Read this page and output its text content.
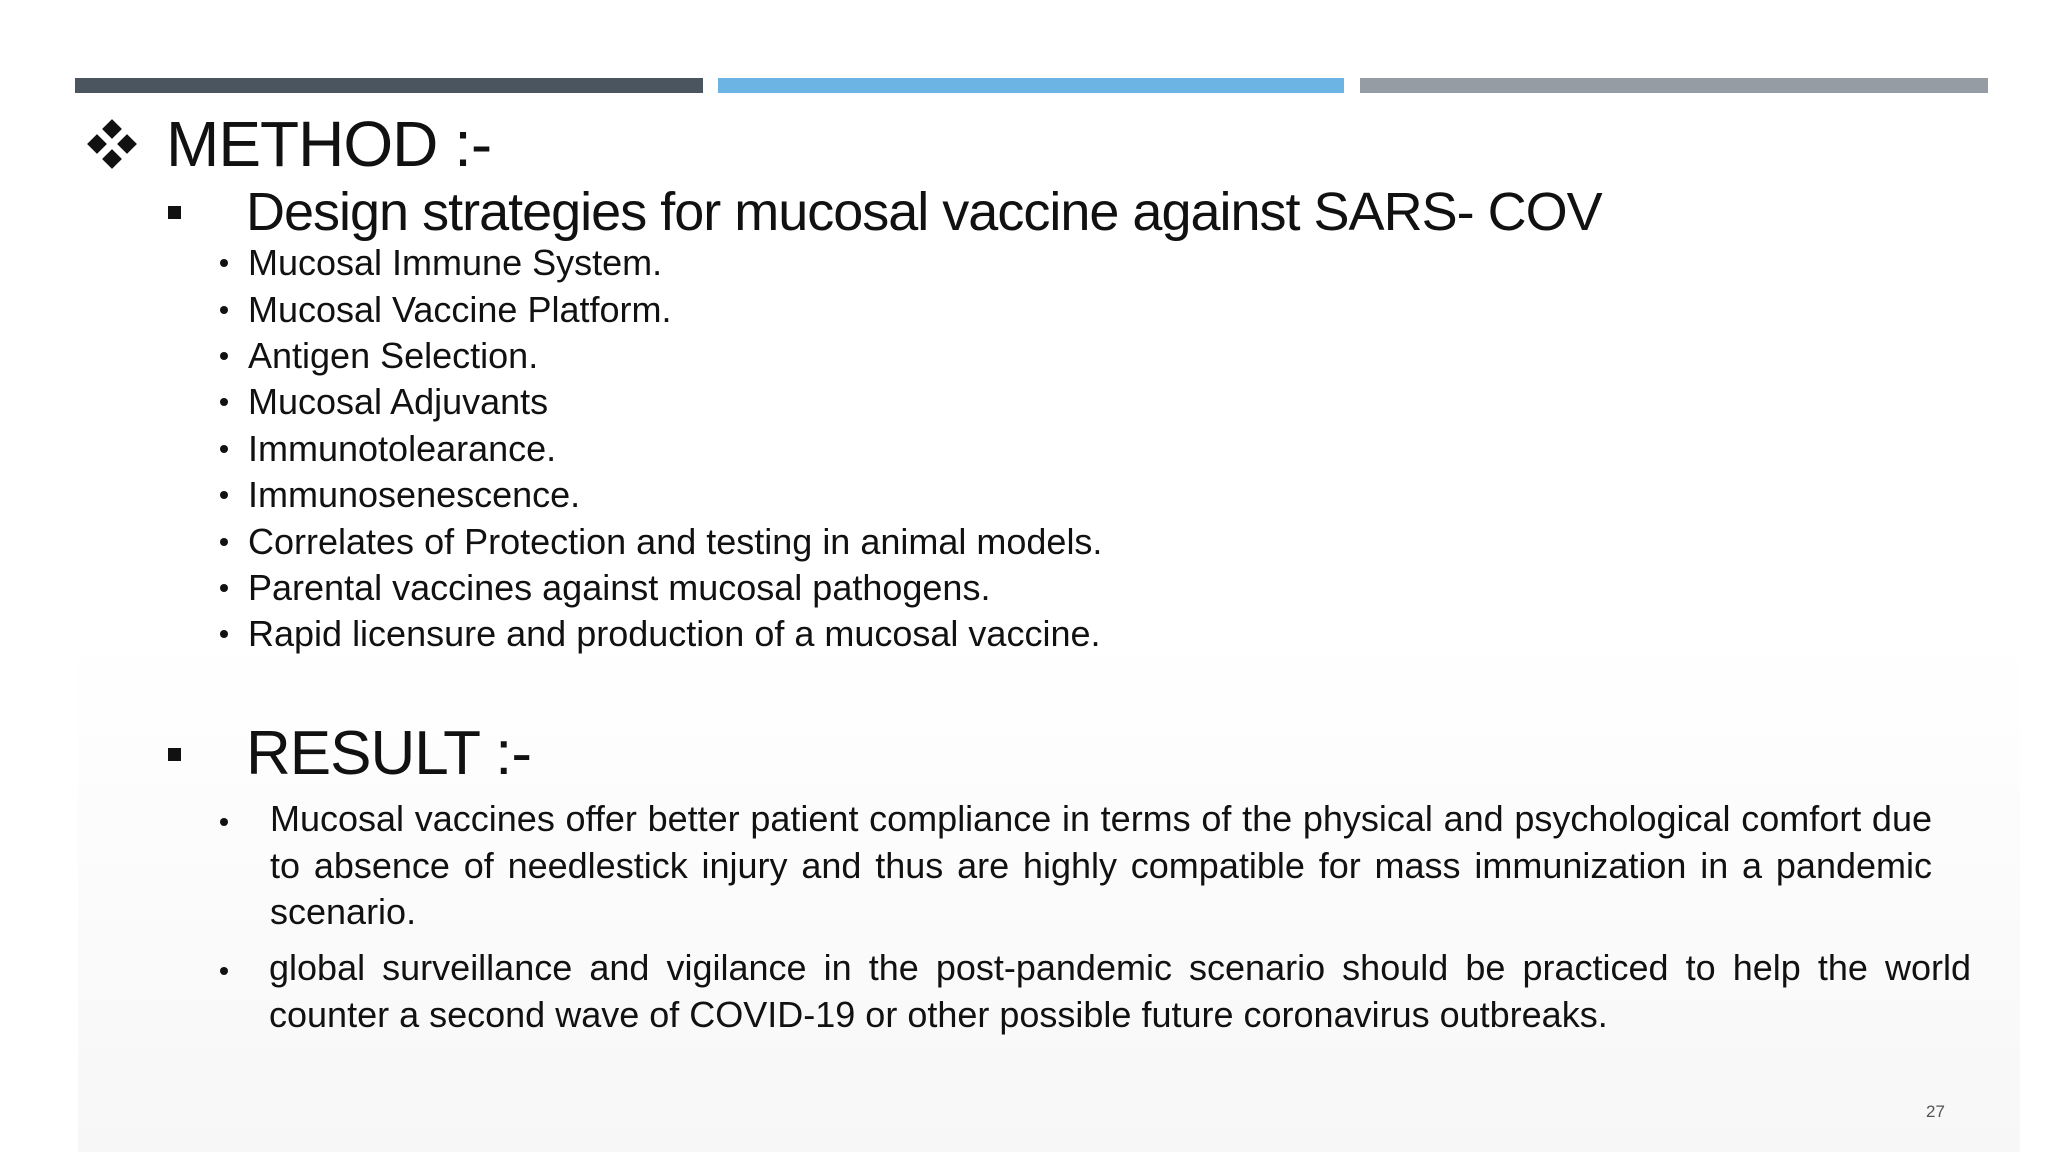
METHOD :-
Design strategies for mucosal vaccine against SARS- COV
Mucosal Immune System.
Mucosal Vaccine Platform.
Antigen Selection.
Mucosal Adjuvants
Immunotolearance.
Immunosenescence.
Correlates of Protection and testing in animal models.
Parental vaccines against mucosal pathogens.
Rapid licensure and production of a mucosal vaccine.
RESULT :-
Mucosal vaccines offer better patient compliance in terms of the physical and psychological comfort due to absence of needlestick injury and thus are highly compatible for mass immunization in a pandemic scenario.
global surveillance and vigilance in the post-pandemic scenario should be practiced to help the world counter a second wave of COVID-19 or other possible future coronavirus outbreaks.
27
